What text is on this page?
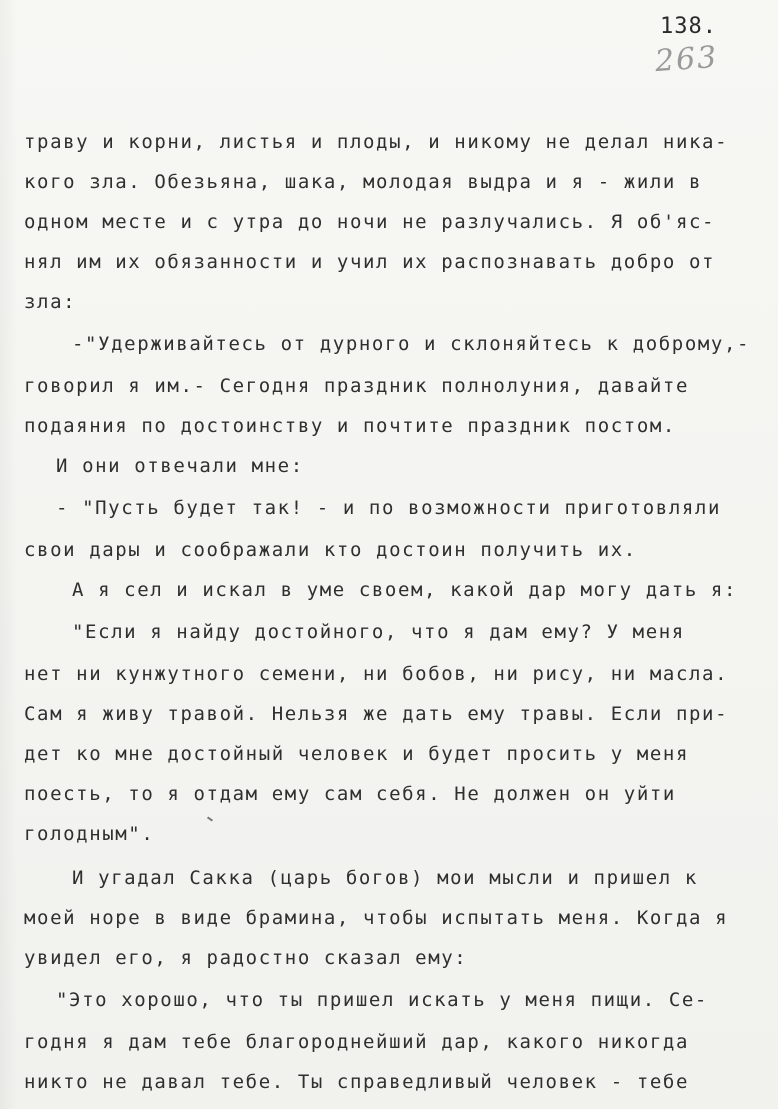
138.
263
траву и корни, листья и плоды, и никому не делал ника-
кого зла. Обезьяна, шака, молодая выдра и я - жили в
одном месте и с утра до ночи не разлучались. Я об'яс-
нял им их обязанности и учил их распознавать добро от
зла:
-"Удерживайтесь от дурного и склоняйтесь к доброму,-
говорил я им.- Сегодня праздник полнолуния, давайте
подаяния по достоинству и почтите праздник постом.
И они отвечали мне:
- "Пусть будет так! - и по возможности приготовляли
свои дары и соображали кто достоин получить их.
А я сел и искал в уме своем, какой дар могу дать я:
"Если я найду достойного, что я дам ему? У меня
нет ни кунжутного семени, ни бобов, ни рису, ни масла.
Сам я живу травой. Нельзя же дать ему травы. Если при-
дет ко мне достойный человек и будет просить у меня
поесть, то я отдам ему сам себя. Не должен он уйти
голодным".
И угадал Сакка (царь богов) мои мысли и пришел к
моей норе в виде брамина, чтобы испытать меня. Когда я
увидел его, я радостно сказал ему:
"Это хорошо, что ты пришел искать у меня пищи. Се-
годня я дам тебе благороднейший дар, какого никогда
никто не давал тебе. Ты справедливый человек - тебе
